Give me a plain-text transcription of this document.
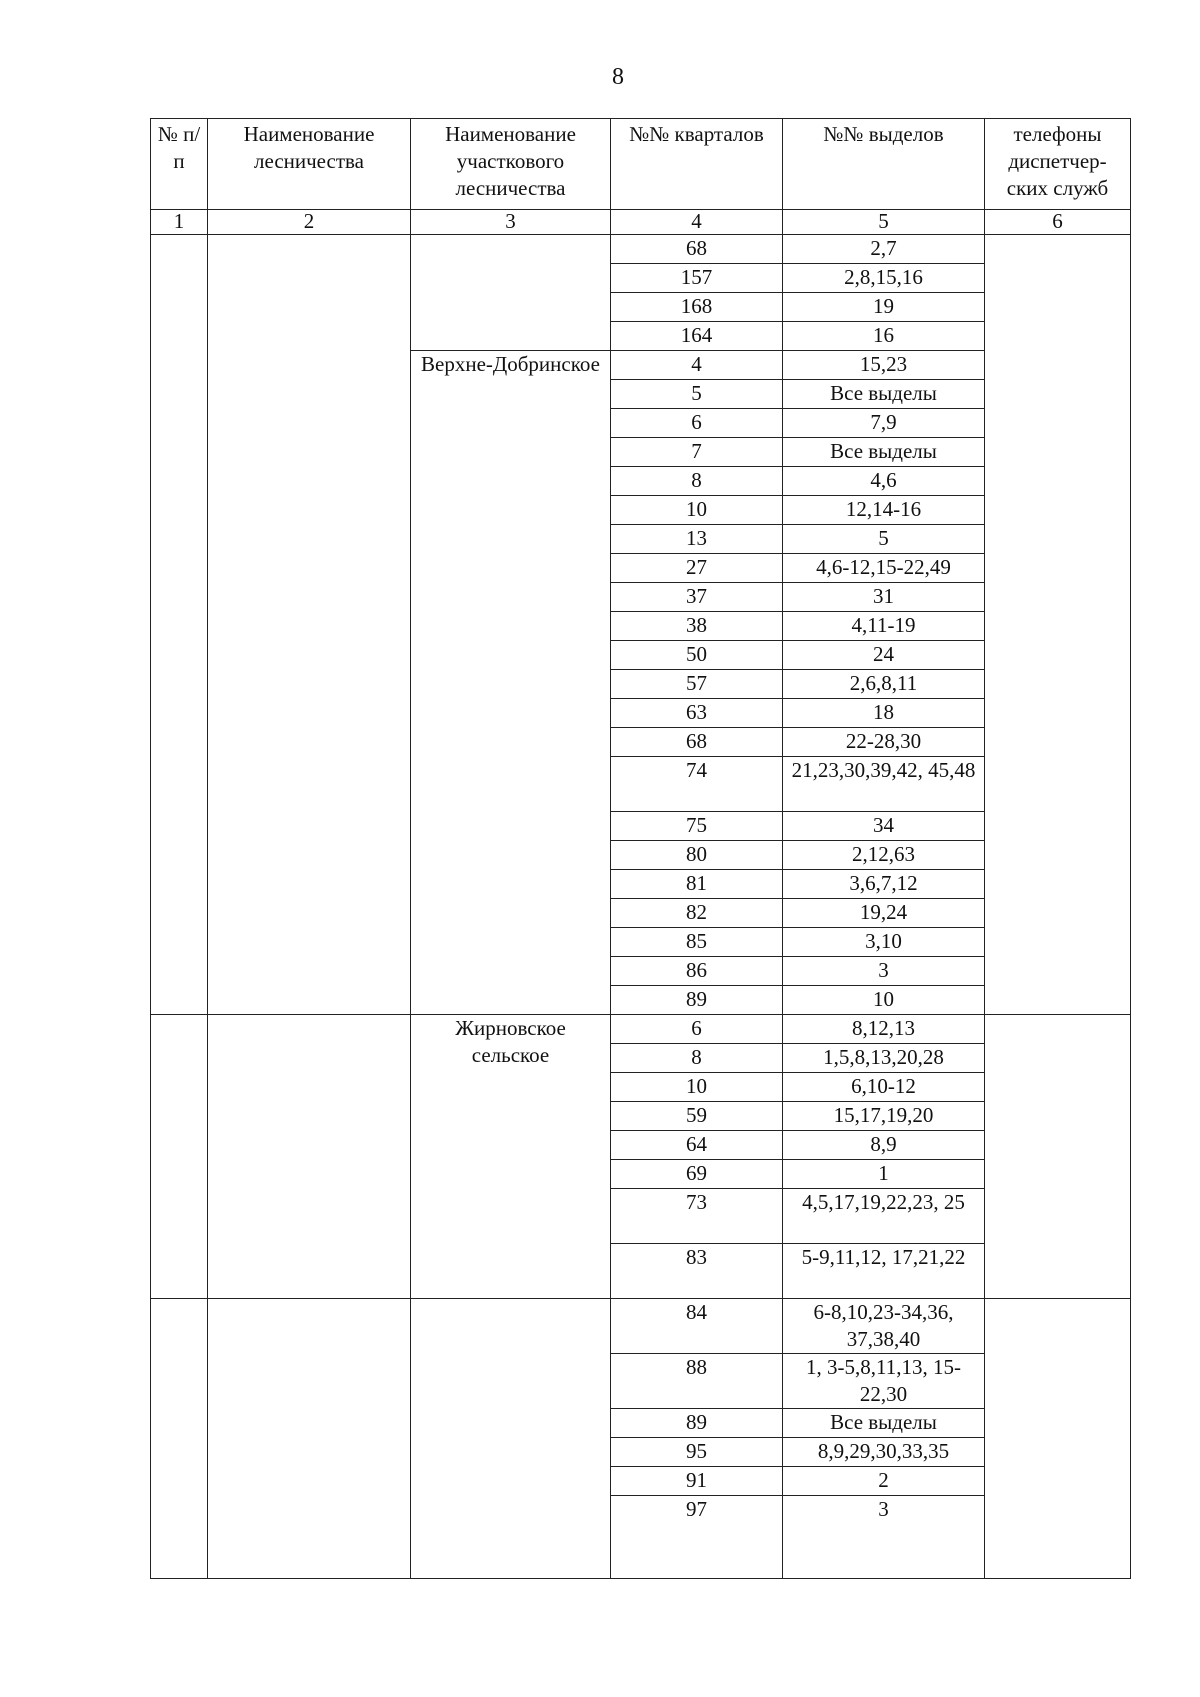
8
№ п/п	Наименование лесничества	Наименование участкового лесничества	№№ кварталов	№№ выделов	телефоны диспетчер-ских служб
1	2	3	4	5	6
			68	2,7	
			157	2,8,15,16	
			168	19	
			164	16	
		Верхне-Добринское	4	15,23	
			5	Все выделы	
			6	7,9	
			7	Все выделы	
			8	4,6	
			10	12,14-16	
			13	5	
			27	4,6-12,15-22,49	
			37	31	
			38	4,11-19	
			50	24	
			57	2,6,8,11	
			63	18	
			68	22-28,30	
			74	21,23,30,39,42, 45,48	
			75	34	
			80	2,12,63	
			81	3,6,7,12	
			82	19,24	
			85	3,10	
			86	3	
			89	10	
		Жирновское сельское	6	8,12,13	
			8	1,5,8,13,20,28	
			10	6,10-12	
			59	15,17,19,20	
			64	8,9	
			69	1	
			73	4,5,17,19,22,23, 25	
			83	5-9,11,12, 17,21,22	
			84	6-8,10,23-34,36, 37,38,40	
			88	1, 3-5,8,11,13, 15-22,30	
			89	Все выделы	
			95	8,9,29,30,33,35	
			91	2	
			97	3	
